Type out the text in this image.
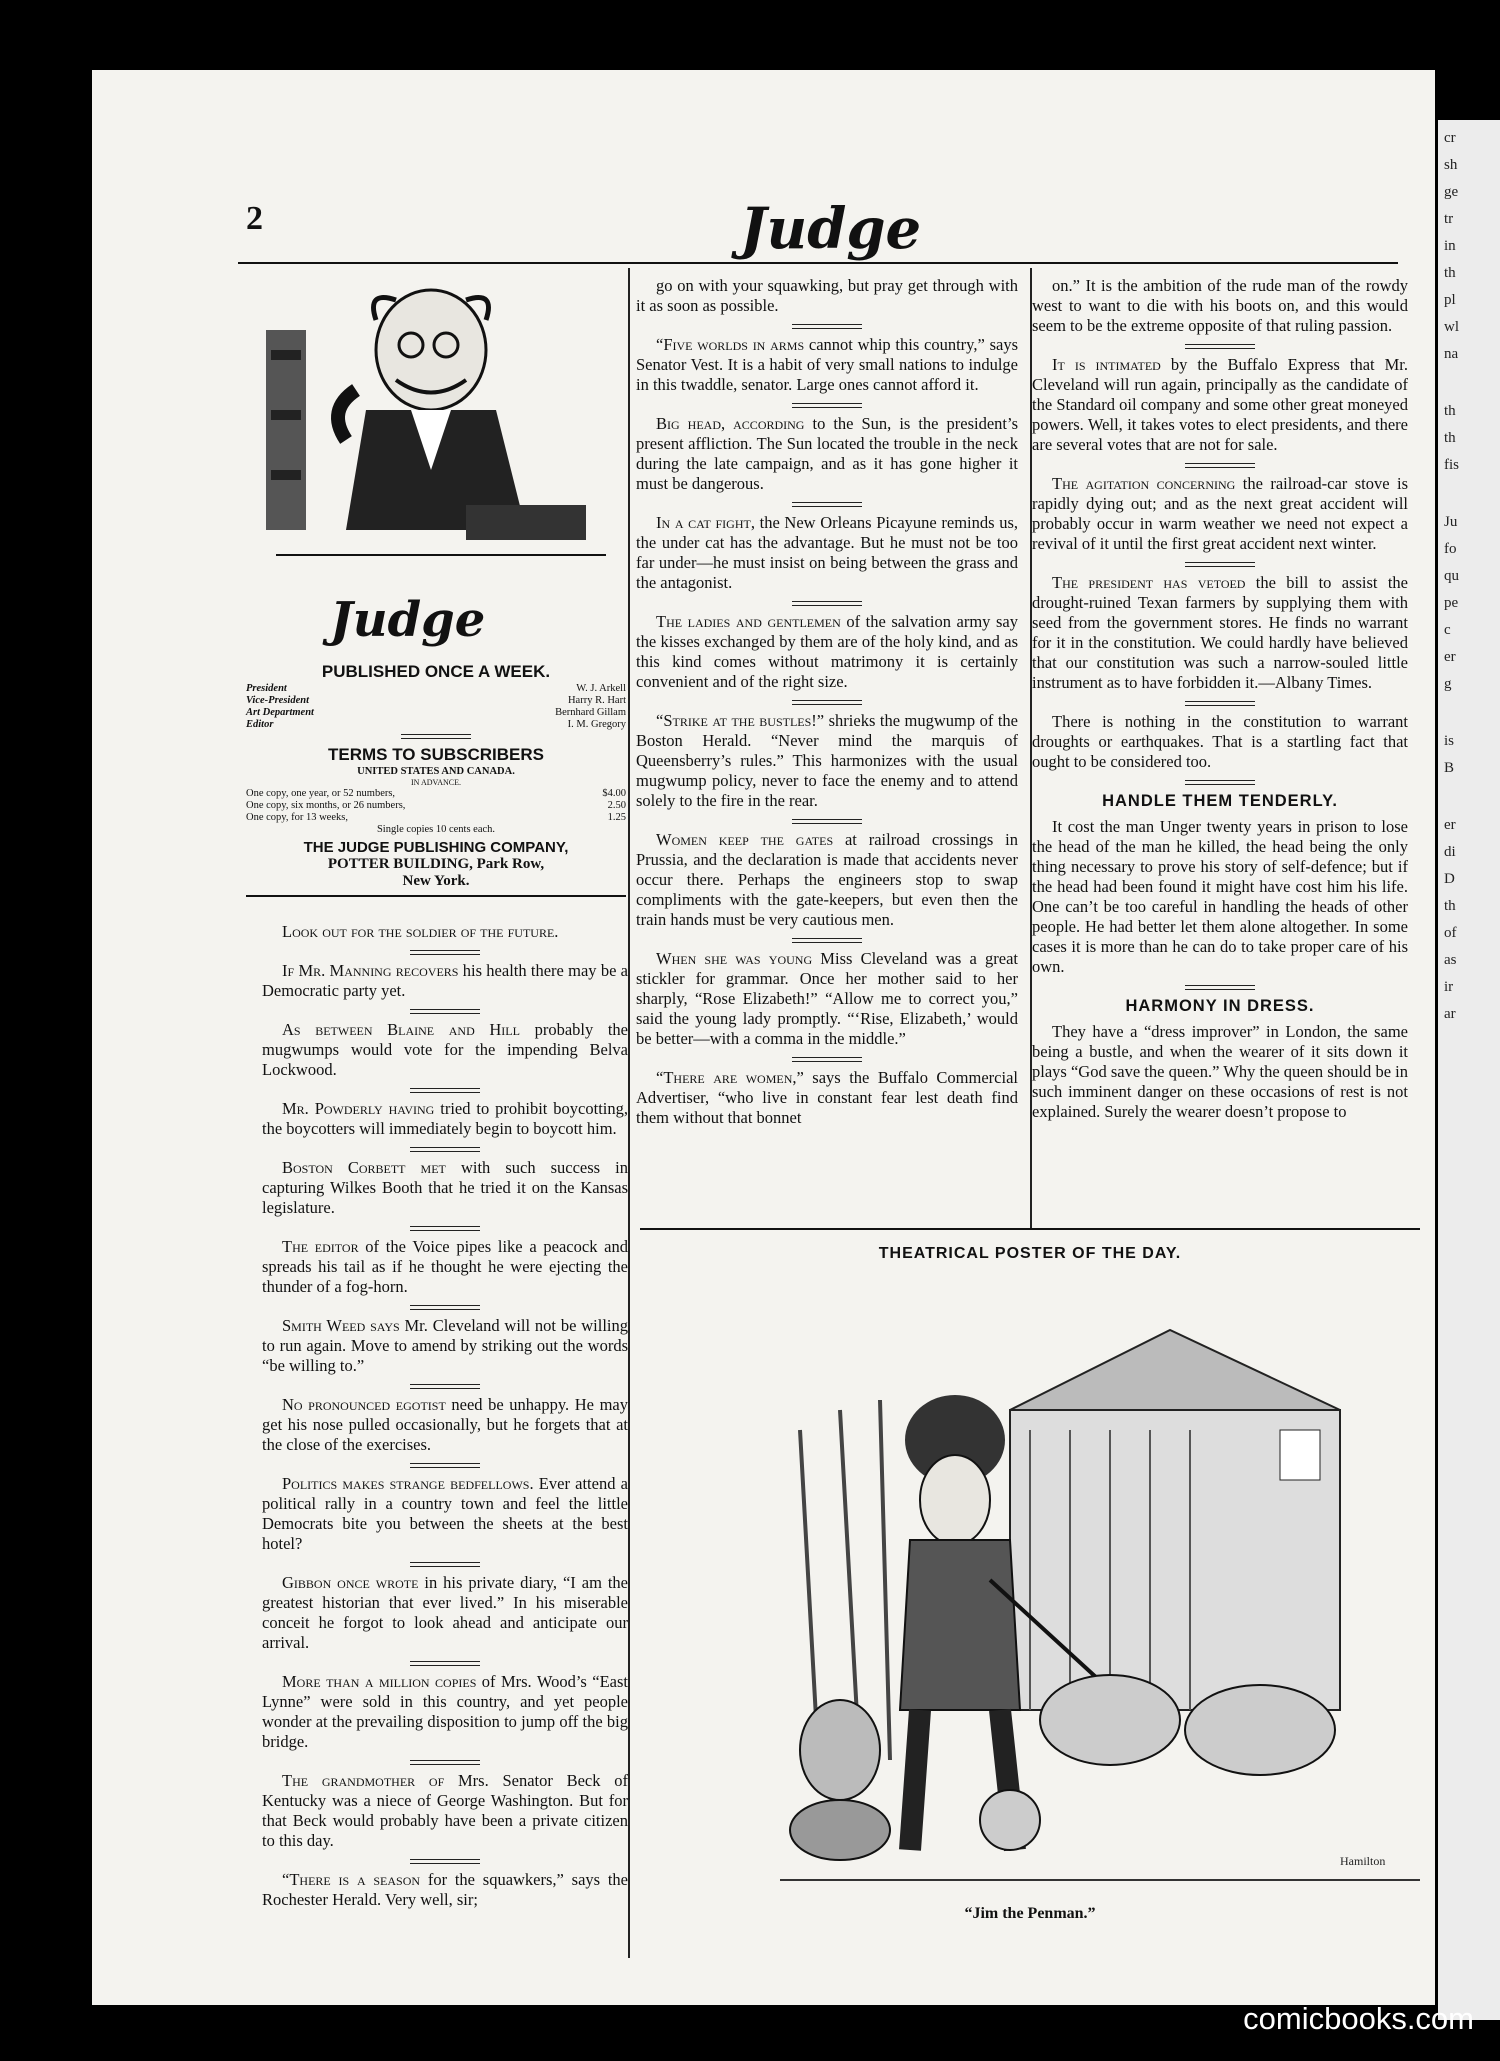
cr
sh
ge
tr
in
th
pl
wl
na
th
th
fis
Ju
fo
qu
pe
c
er
g
is
B
er
di
D
th
of
as
ir
ar
2	Judge
Judge
PUBLISHED ONCE A WEEK.
President	W. J. Arkell
Vice-President	Harry R. Hart
Art Department	Bernhard Gillam
Editor	I. M. Gregory
TERMS TO SUBSCRIBERS
UNITED STATES AND CANADA.
IN ADVANCE.
One copy, one year, or 52 numbers,	$4.00
One copy, six months, or 26 numbers,	2.50
One copy, for 13 weeks,	1.25
Single copies 10 cents each.
THE JUDGE PUBLISHING COMPANY,
POTTER BUILDING, Park Row,
New York.

Look out for the soldier of the future.

If Mr. Manning recovers his health there may be a Democratic party yet.

As between Blaine and Hill probably the mugwumps would vote for the impending Belva Lockwood.

Mr. Powderly having tried to prohibit boycotting, the boycotters will immediately begin to boycott him.

Boston Corbett met with such success in capturing Wilkes Booth that he tried it on the Kansas legislature.

The editor of the Voice pipes like a peacock and spreads his tail as if he thought he were ejecting the thunder of a fog-horn.

Smith Weed says Mr. Cleveland will not be willing to run again. Move to amend by striking out the words “be willing to.”

No pronounced egotist need be unhappy. He may get his nose pulled occasionally, but he forgets that at the close of the exercises.

Politics makes strange bedfellows. Ever attend a political rally in a country town and feel the little Democrats bite you between the sheets at the best hotel?

Gibbon once wrote in his private diary, “I am the greatest historian that ever lived.” In his miserable conceit he forgot to look ahead and anticipate our arrival.

More than a million copies of Mrs. Wood’s “East Lynne” were sold in this country, and yet people wonder at the prevailing disposition to jump off the big bridge.

The grandmother of Mrs. Senator Beck of Kentucky was a niece of George Washington. But for that Beck would probably have been a private citizen to this day.

“There is a season for the squawkers,” says the Rochester Herald. Very well, sir;

go on with your squawking, but pray get through with it as soon as possible.

“Five worlds in arms cannot whip this country,” says Senator Vest. It is a habit of very small nations to indulge in this twaddle, senator. Large ones cannot afford it.

Big head, according to the Sun, is the president’s present affliction. The Sun located the trouble in the neck during the late campaign, and as it has gone higher it must be dangerous.

In a cat fight, the New Orleans Picayune reminds us, the under cat has the advantage. But he must not be too far under—he must insist on being between the grass and the antagonist.

The ladies and gentlemen of the salvation army say the kisses exchanged by them are of the holy kind, and as this kind comes without matrimony it is certainly convenient and of the right size.

“Strike at the bustles!” shrieks the mugwump of the Boston Herald. “Never mind the marquis of Queensberry’s rules.” This harmonizes with the usual mugwump policy, never to face the enemy and to attend solely to the fire in the rear.

Women keep the gates at railroad crossings in Prussia, and the declaration is made that accidents never occur there. Perhaps the engineers stop to swap compliments with the gate-keepers, but even then the train hands must be very cautious men.

When she was young Miss Cleveland was a great stickler for grammar. Once her mother said to her sharply, “Rose Elizabeth!” “Allow me to correct you,” said the young lady promptly. “‘Rise, Elizabeth,’ would be better—with a comma in the middle.”

“There are women,” says the Buffalo Commercial Advertiser, “who live in constant fear lest death find them without that bonnet

on.” It is the ambition of the rude man of the rowdy west to want to die with his boots on, and this would seem to be the extreme opposite of that ruling passion.

It is intimated by the Buffalo Express that Mr. Cleveland will run again, principally as the candidate of the Standard oil company and some other great moneyed powers. Well, it takes votes to elect presidents, and there are several votes that are not for sale.

The agitation concerning the railroad-car stove is rapidly dying out; and as the next great accident will probably occur in warm weather we need not expect a revival of it until the first great accident next winter.

The president has vetoed the bill to assist the drought-ruined Texan farmers by supplying them with seed from the government stores. He finds no warrant for it in the constitution. We could hardly have believed that our constitution was such a narrow-souled little instrument as to have forbidden it.—Albany Times.

There is nothing in the constitution to warrant droughts or earthquakes. That is a startling fact that ought to be considered too.

HANDLE THEM TENDERLY.

It cost the man Unger twenty years in prison to lose the head of the man he killed, the head being the only thing necessary to prove his story of self-defence; but if the head had been found it might have cost him his life. One can’t be too careful in handling the heads of other people. He had better let them alone altogether. In some cases it is more than he can do to take proper care of his own.

HARMONY IN DRESS.

They have a “dress improver” in London, the same being a bustle, and when the wearer of it sits down it plays “God save the queen.” Why the queen should be in such imminent danger on these occasions of rest is not explained. Surely the wearer doesn’t propose to

THEATRICAL POSTER OF THE DAY.
Hamilton
“Jim the Penman.”
comicbooks.com
